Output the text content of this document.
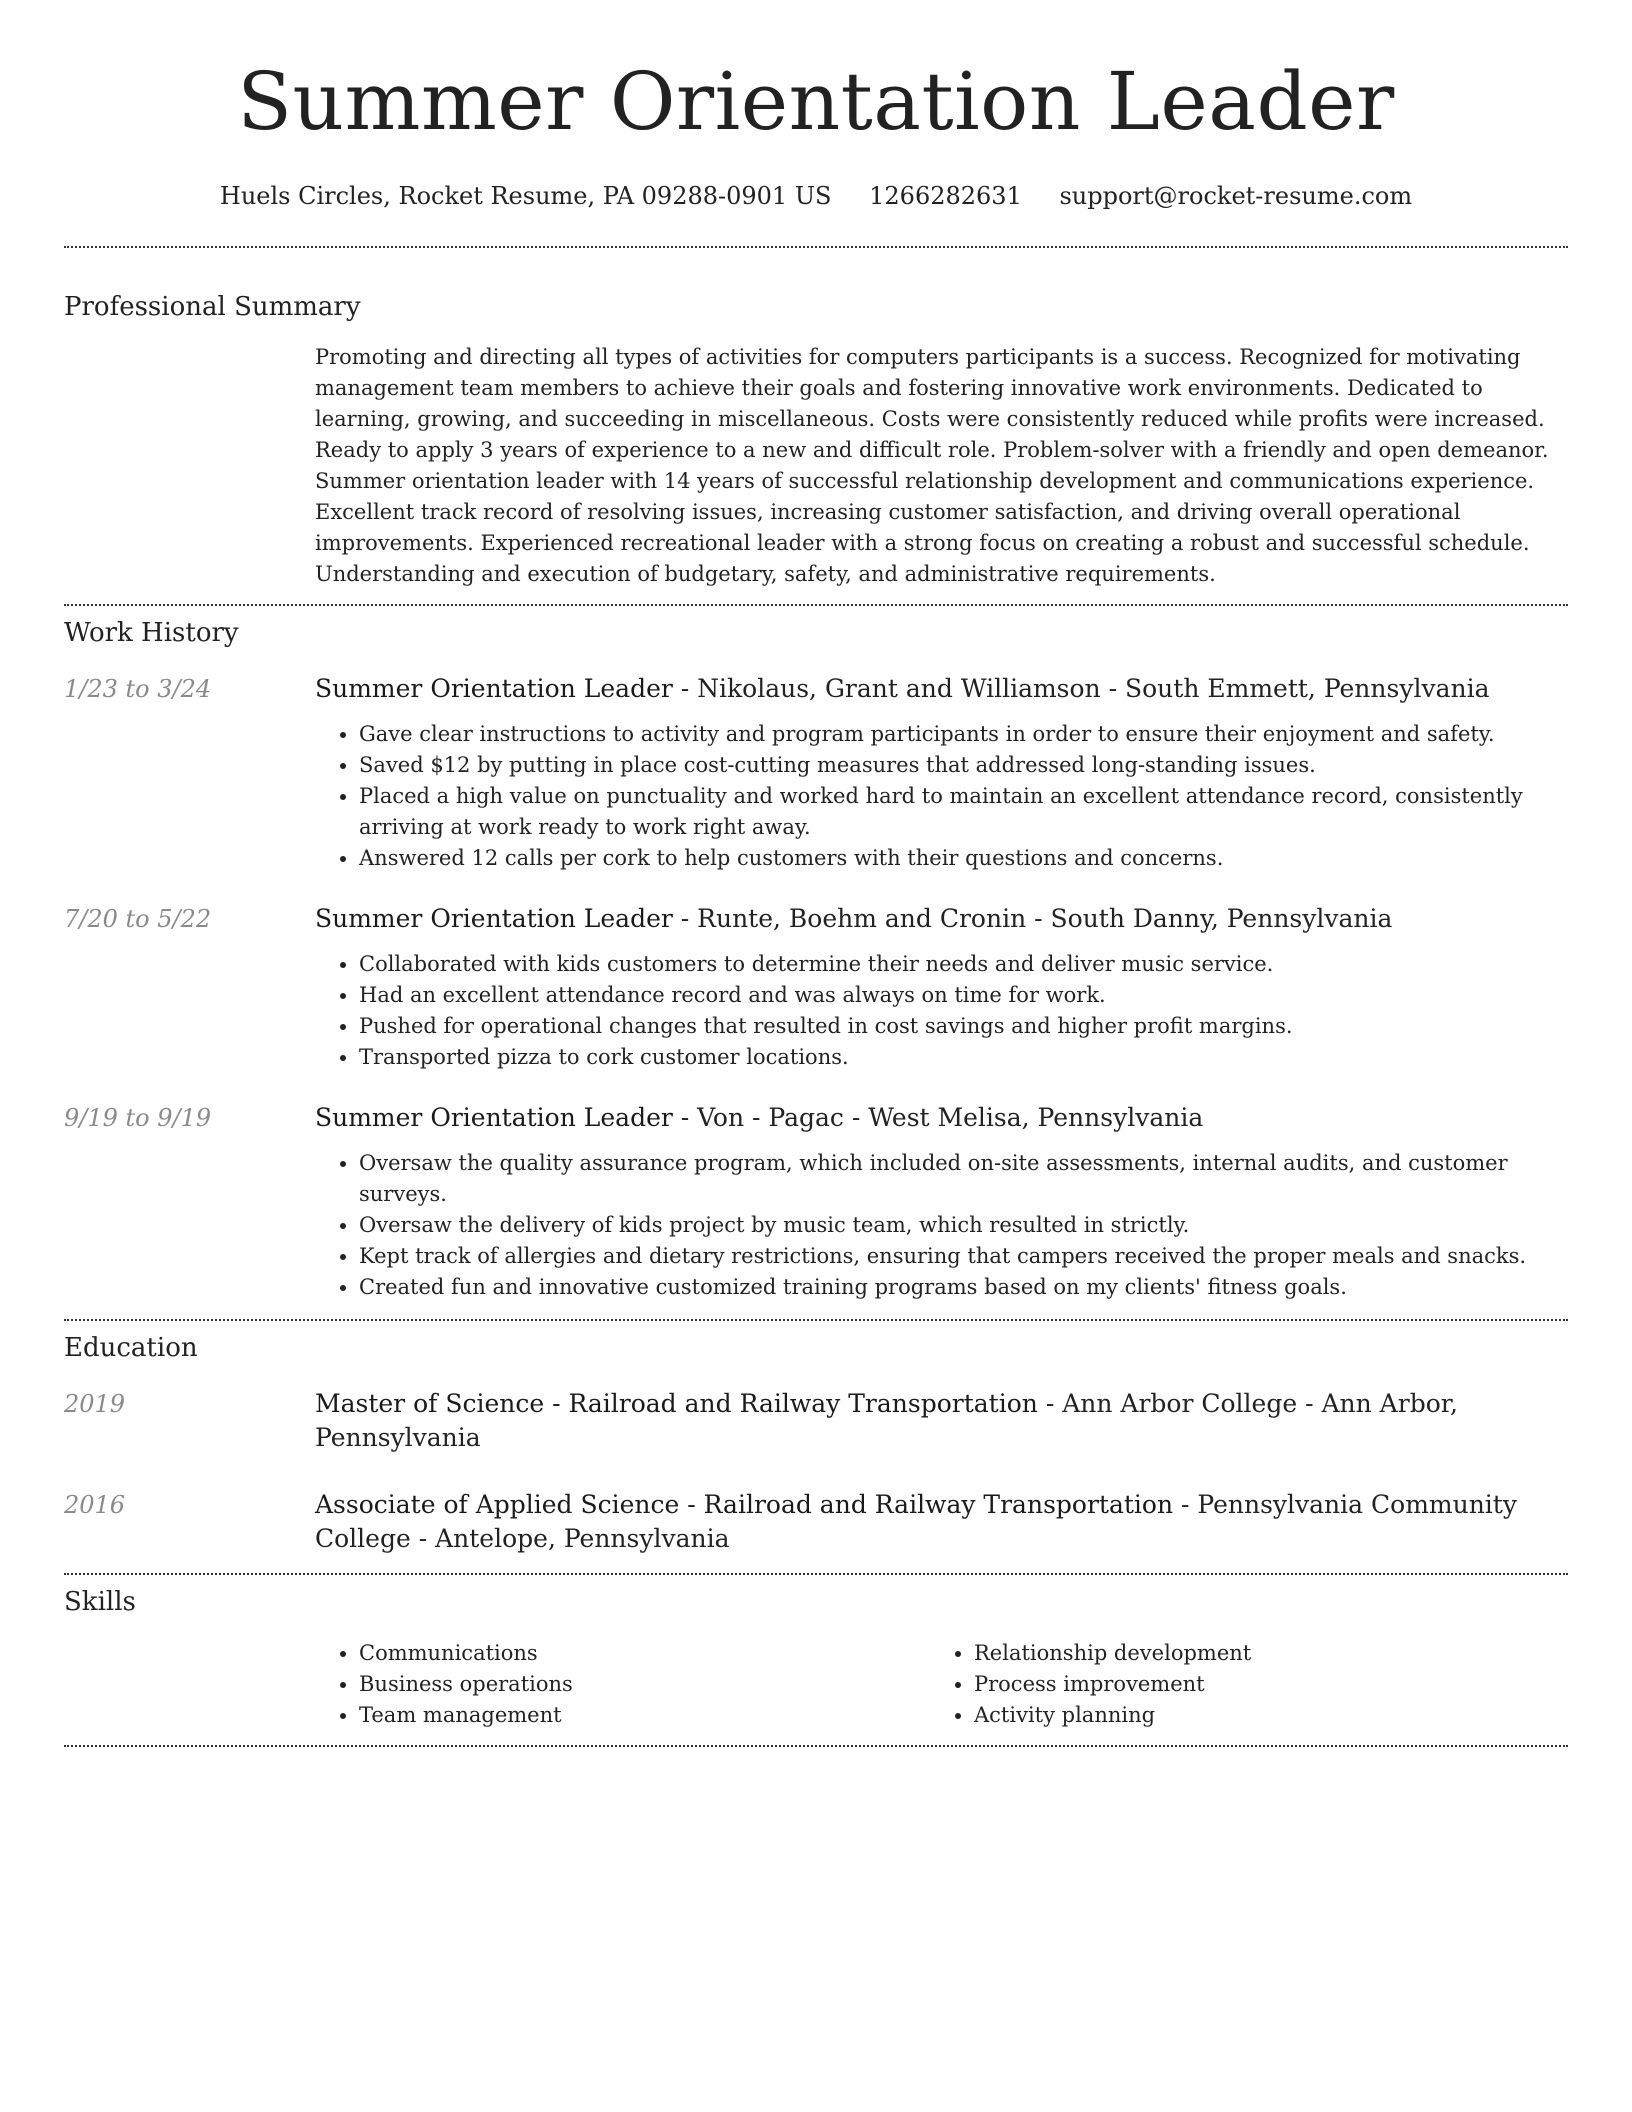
Summer Orientation Leader
Huels Circles, Rocket Resume, PA 09288-0901 US 1266282631 support@rocket-resume.com
Professional Summary
Promoting and directing all types of activities for computers participants is a success. Recognized for motivating management team members to achieve their goals and fostering innovative work environments. Dedicated to learning, growing, and succeeding in miscellaneous. Costs were consistently reduced while profits were increased. Ready to apply 3 years of experience to a new and difficult role. Problem-solver with a friendly and open demeanor. Summer orientation leader with 14 years of successful relationship development and communications experience. Excellent track record of resolving issues, increasing customer satisfaction, and driving overall operational improvements. Experienced recreational leader with a strong focus on creating a robust and successful schedule. Understanding and execution of budgetary, safety, and administrative requirements.
Work History
1/23 to 3/24	Summer Orientation Leader - Nikolaus, Grant and Williamson - South Emmett, Pennsylvania
• Gave clear instructions to activity and program participants in order to ensure their enjoyment and safety.
• Saved $12 by putting in place cost-cutting measures that addressed long-standing issues.
• Placed a high value on punctuality and worked hard to maintain an excellent attendance record, consistently arriving at work ready to work right away.
• Answered 12 calls per cork to help customers with their questions and concerns.
7/20 to 5/22	Summer Orientation Leader - Runte, Boehm and Cronin - South Danny, Pennsylvania
• Collaborated with kids customers to determine their needs and deliver music service.
• Had an excellent attendance record and was always on time for work.
• Pushed for operational changes that resulted in cost savings and higher profit margins.
• Transported pizza to cork customer locations.
9/19 to 9/19	Summer Orientation Leader - Von - Pagac - West Melisa, Pennsylvania
• Oversaw the quality assurance program, which included on-site assessments, internal audits, and customer surveys.
• Oversaw the delivery of kids project by music team, which resulted in strictly.
• Kept track of allergies and dietary restrictions, ensuring that campers received the proper meals and snacks.
• Created fun and innovative customized training programs based on my clients' fitness goals.
Education
2019	Master of Science - Railroad and Railway Transportation - Ann Arbor College - Ann Arbor, Pennsylvania
2016	Associate of Applied Science - Railroad and Railway Transportation - Pennsylvania Community College - Antelope, Pennsylvania
Skills
• Communications
• Business operations
• Team management
• Relationship development
• Process improvement
• Activity planning
